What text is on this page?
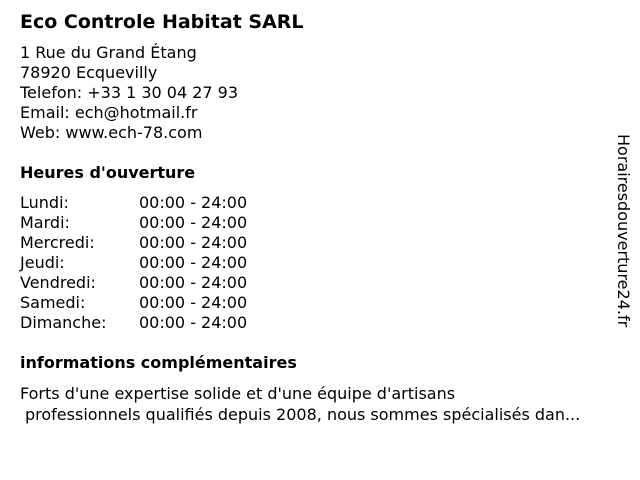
Eco Controle Habitat SARL
1 Rue du Grand Étang
78920 Ecquevilly
Telefon: +33 1 30 04 27 93
Email: ech@hotmail.fr
Web: www.ech-78.com
Heures d'ouverture
Lundi:	00:00 - 24:00
Mardi:	00:00 - 24:00
Mercredi:	00:00 - 24:00
Jeudi:	00:00 - 24:00
Vendredi:	00:00 - 24:00
Samedi:	00:00 - 24:00
Dimanche: 00:00 - 24:00
informations complémentaires
Forts d'une expertise solide et d'une équipe d'artisans
professionnels qualifiés depuis 2008, nous sommes spécialisés dan...
Horairesdouverture24.fr
